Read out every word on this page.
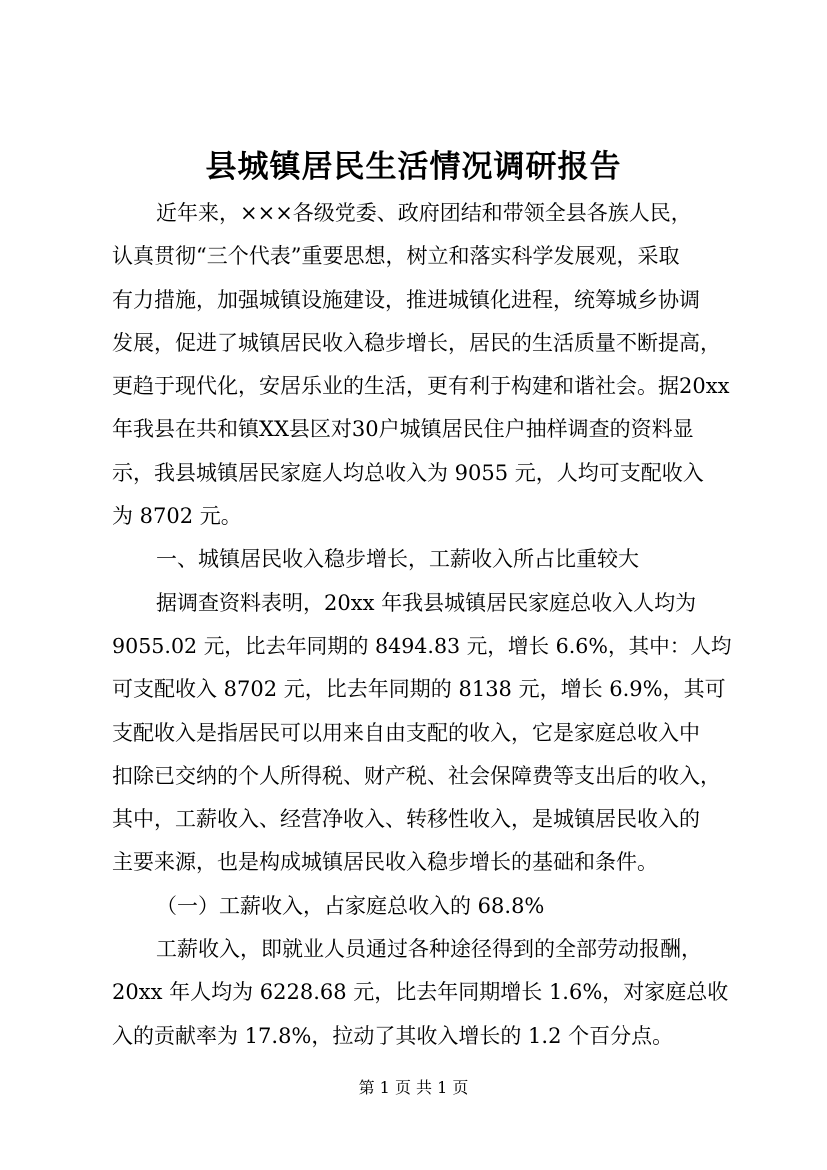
县城镇居民生活情况调研报告
近年来，×××各级党委、政府团结和带领全县各族人民，
认真贯彻“三个代表”重要思想，树立和落实科学发展观，采取
有力措施，加强城镇设施建设，推进城镇化进程，统筹城乡协调
发展，促进了城镇居民收入稳步增长，居民的生活质量不断提高，
更趋于现代化，安居乐业的生活，更有利于构建和谐社会。据20xx
年我县在共和镇XX县区对30户城镇居民住户抽样调查的资料显
示，我县城镇居民家庭人均总收入为 9055 元，人均可支配收入
为 8702 元。
一、城镇居民收入稳步增长，工薪收入所占比重较大
据调查资料表明，20xx 年我县城镇居民家庭总收入人均为
9055.02 元，比去年同期的 8494.83 元，增长 6.6%，其中：人均
可支配收入 8702 元，比去年同期的 8138 元，增长 6.9%，其可
支配收入是指居民可以用来自由支配的收入，它是家庭总收入中
扣除已交纳的个人所得税、财产税、社会保障费等支出后的收入，
其中，工薪收入、经营净收入、转移性收入，是城镇居民收入的
主要来源，也是构成城镇居民收入稳步增长的基础和条件。
（一）工薪收入，占家庭总收入的 68.8%
工薪收入，即就业人员通过各种途径得到的全部劳动报酬，
20xx 年人均为 6228.68 元，比去年同期增长 1.6%，对家庭总收
入的贡献率为 17.8%，拉动了其收入增长的 1.2 个百分点。
第 1 页 共 1 页
